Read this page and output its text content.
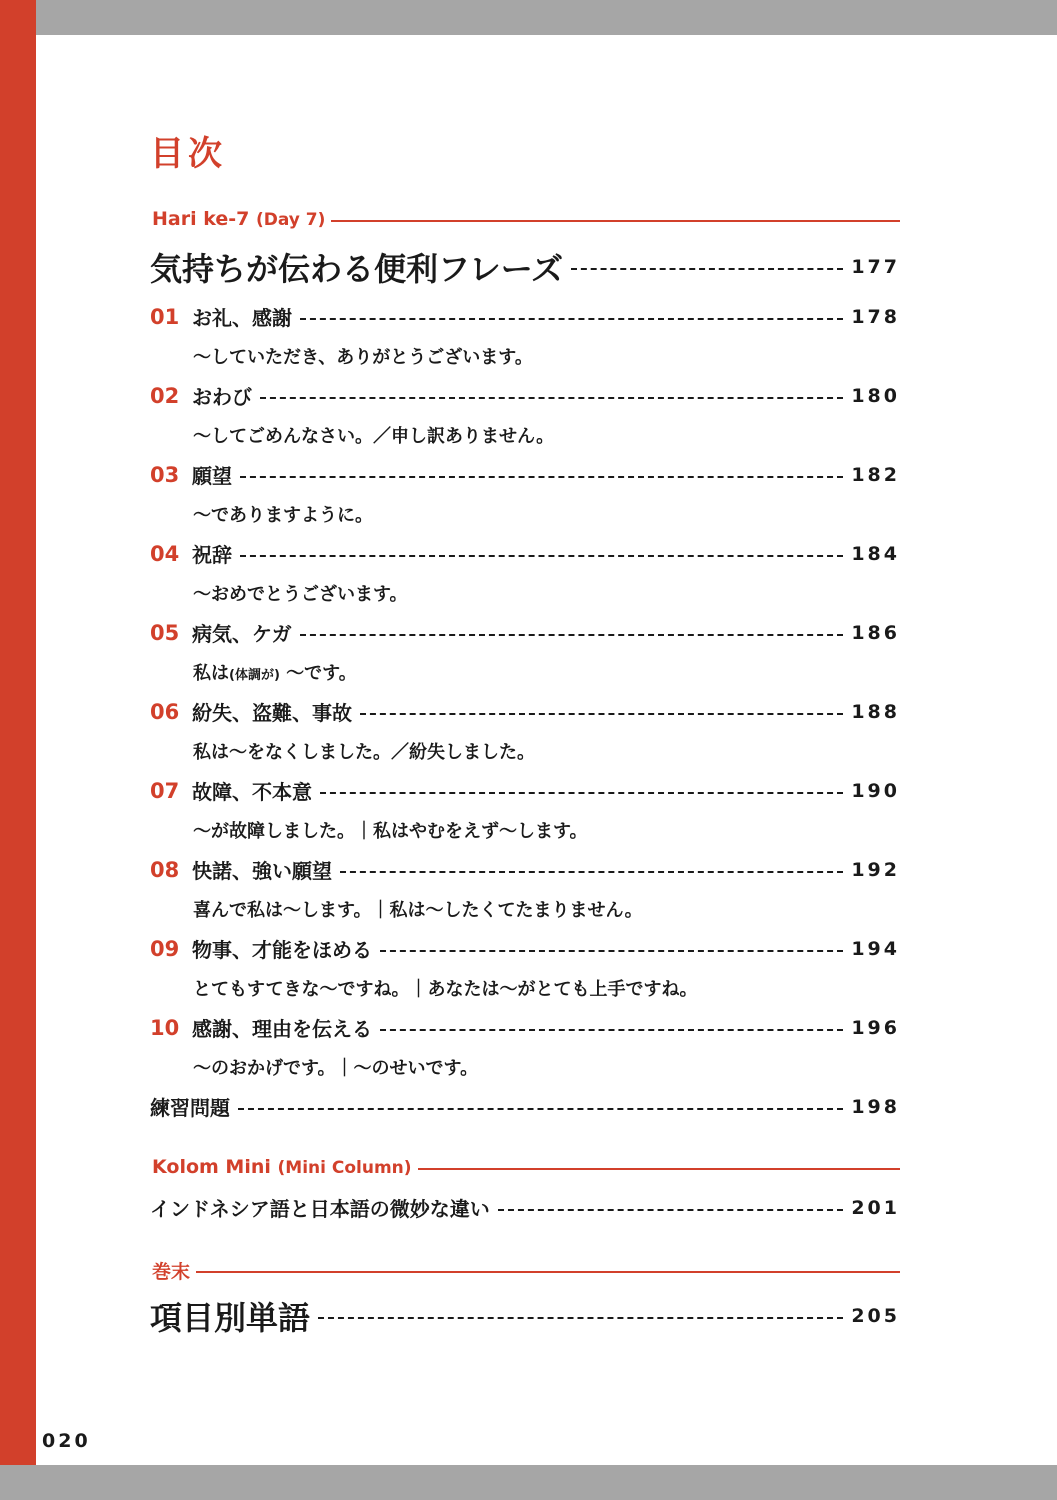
目次
Hari ke-7 (Day 7)
気持ちが伝わる便利フレーズ	177
01 お礼、感謝	178
～していただき、ありがとうございます。
02 おわび	180
～してごめんなさい。／申し訳ありません。
03 願望	182
～でありますように。
04 祝辞	184
～おめでとうございます。
05 病気、ケガ	186
私は(体調が) ～です。
06 紛失、盗難、事故	188
私は～をなくしました。／紛失しました。
07 故障、不本意	190
～が故障しました。｜私はやむをえず～します。
08 快諾、強い願望	192
喜んで私は～します。｜私は～したくてたまりません。
09 物事、才能をほめる	194
とてもすてきな～ですね。｜あなたは～がとても上手ですね。
10 感謝、理由を伝える	196
～のおかげです。｜～のせいです。
練習問題	198
Kolom Mini (Mini Column)
インドネシア語と日本語の微妙な違い	201
巻末
項目別単語	205
020
